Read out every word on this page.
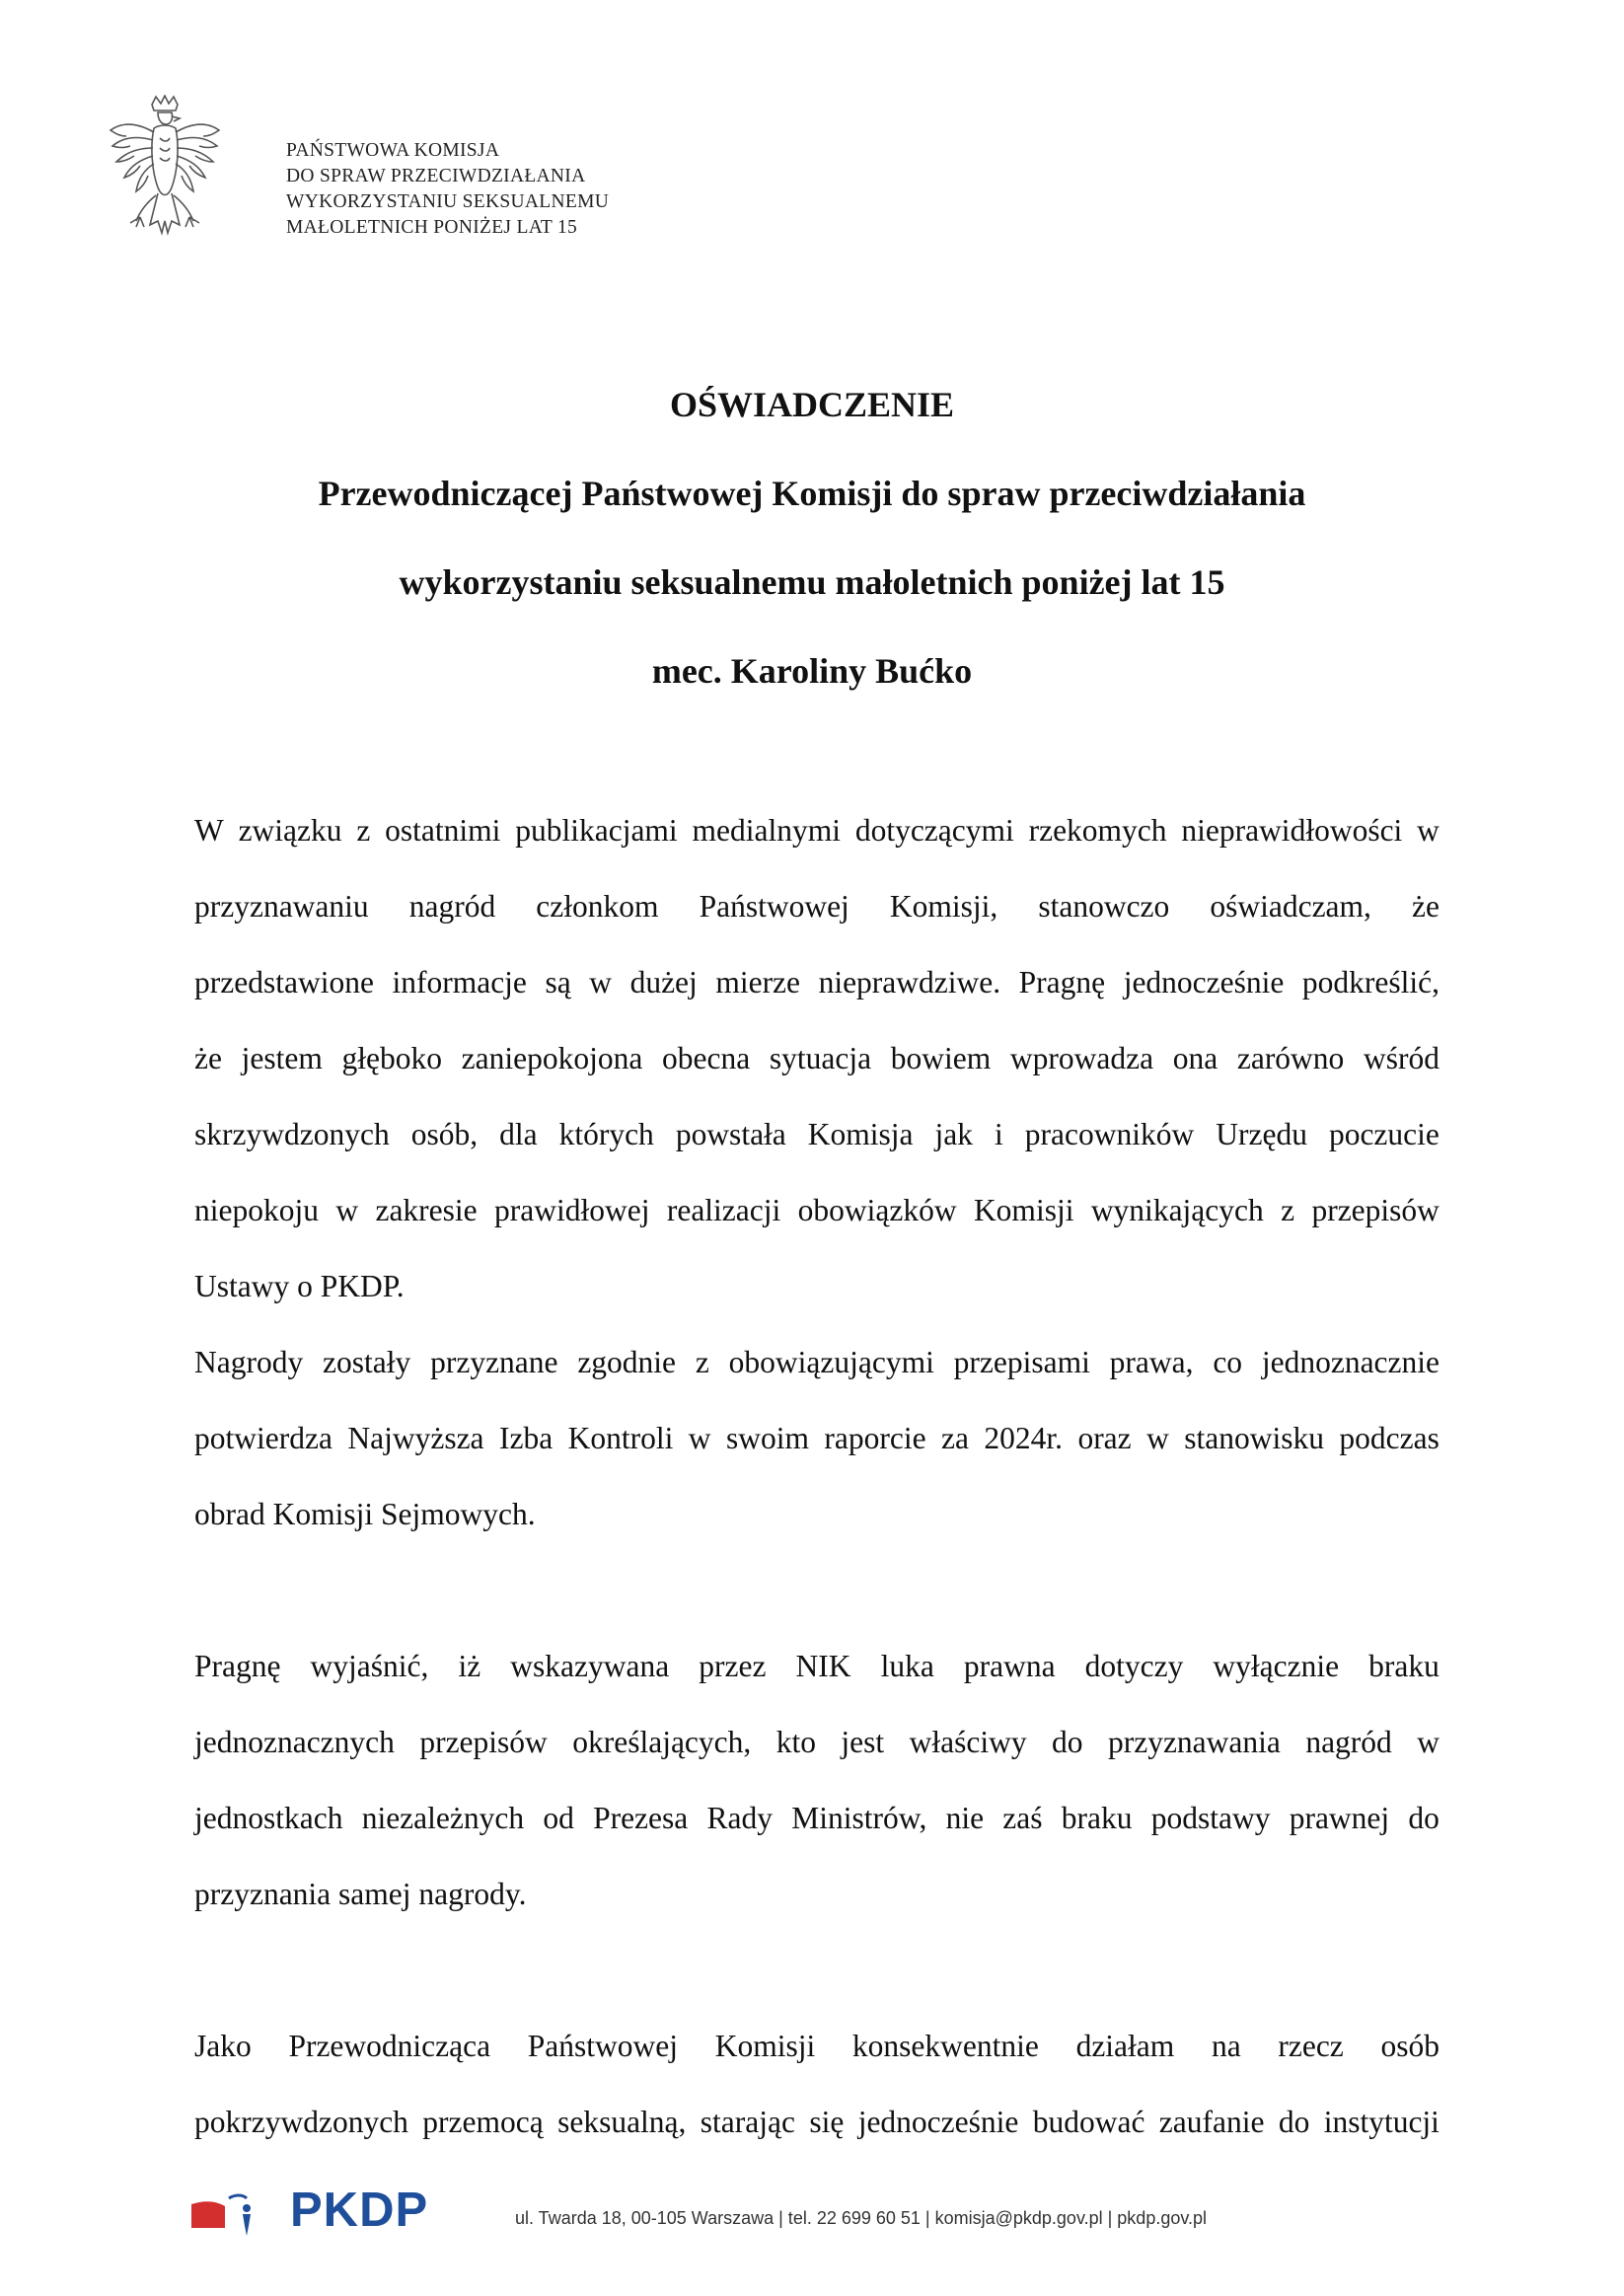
PAŃSTWOWA KOMISJA
DO SPRAW PRZECIWDZIAŁANIA
WYKORZYSTANIU SEKSUALNEMU
MAŁOLETNICH PONIŻEJ LAT 15
OŚWIADCZENIE
Przewodniczącej Państwowej Komisji do spraw przeciwdziałania
wykorzystaniu seksualnemu małoletnich poniżej lat 15
mec. Karoliny Bućko
W związku z ostatnimi publikacjami medialnymi dotyczącymi rzekomych nieprawidłowości w
przyznawaniu nagród członkom Państwowej Komisji, stanowczo oświadczam, że
przedstawione informacje są w dużej mierze nieprawdziwe. Pragnę jednocześnie podkreślić,
że jestem głęboko zaniepokojona obecna sytuacja bowiem wprowadza ona zarówno wśród
skrzywdzonych osób, dla których powstała Komisja jak i pracowników Urzędu poczucie
niepokoju w zakresie prawidłowej realizacji obowiązków Komisji wynikających z przepisów
Ustawy o PKDP.
Nagrody zostały przyznane zgodnie z obowiązującymi przepisami prawa, co jednoznacznie
potwierdza Najwyższa Izba Kontroli w swoim raporcie za 2024r. oraz w stanowisku podczas
obrad Komisji Sejmowych.
Pragnę wyjaśnić, iż wskazywana przez NIK luka prawna dotyczy wyłącznie braku
jednoznacznych przepisów określających, kto jest właściwy do przyznawania nagród w
jednostkach niezależnych od Prezesa Rady Ministrów, nie zaś braku podstawy prawnej do
przyznania samej nagrody.
Jako Przewodnicząca Państwowej Komisji konsekwentnie działam na rzecz osób
pokrzywdzonych przemocą seksualną, starając się jednocześnie budować zaufanie do instytucji
PKDP	ul. Twarda 18, 00-105 Warszawa | tel. 22 699 60 51 | komisja@pkdp.gov.pl | pkdp.gov.pl
